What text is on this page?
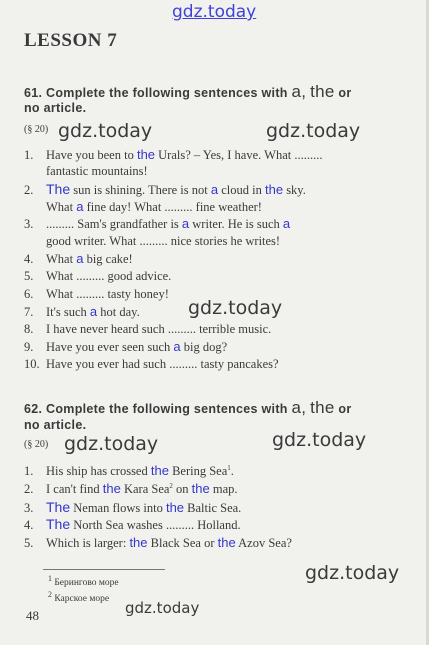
gdz.today
LESSON 7
61. Complete the following sentences with a, the or
no article.
(§ 20) gdz.today	gdz.today
1. Have you been to the Urals? – Yes, I have. What .........
fantastic mountains!
2. The sun is shining. There is not a cloud in the sky.
What a fine day! What ......... fine weather!
3. ......... Sam's grandfather is a writer. He is such a
good writer. What ......... nice stories he writes!
4. What a big cake!
5. What ......... good advice.
6. What ......... tasty honey!
7. It's such a hot day.	gdz.today
8. I have never heard such ......... terrible music.
9. Have you ever seen such a big dog?
10. Have you ever had such ......... tasty pancakes?
62. Complete the following sentences with a, the or
no article.
(§ 20) gdz.today	gdz.today
1. His ship has crossed the Bering Sea$^1$.
2. I can't find the Kara Sea$^2$ on the map.
3. The Neman flows into the Baltic Sea.
4. The North Sea washes ......... Holland.
5. Which is larger: the Black Sea or the Azov Sea?
gdz.today
$^1$ Берингово море
$^2$ Карское море gdz.today
48
